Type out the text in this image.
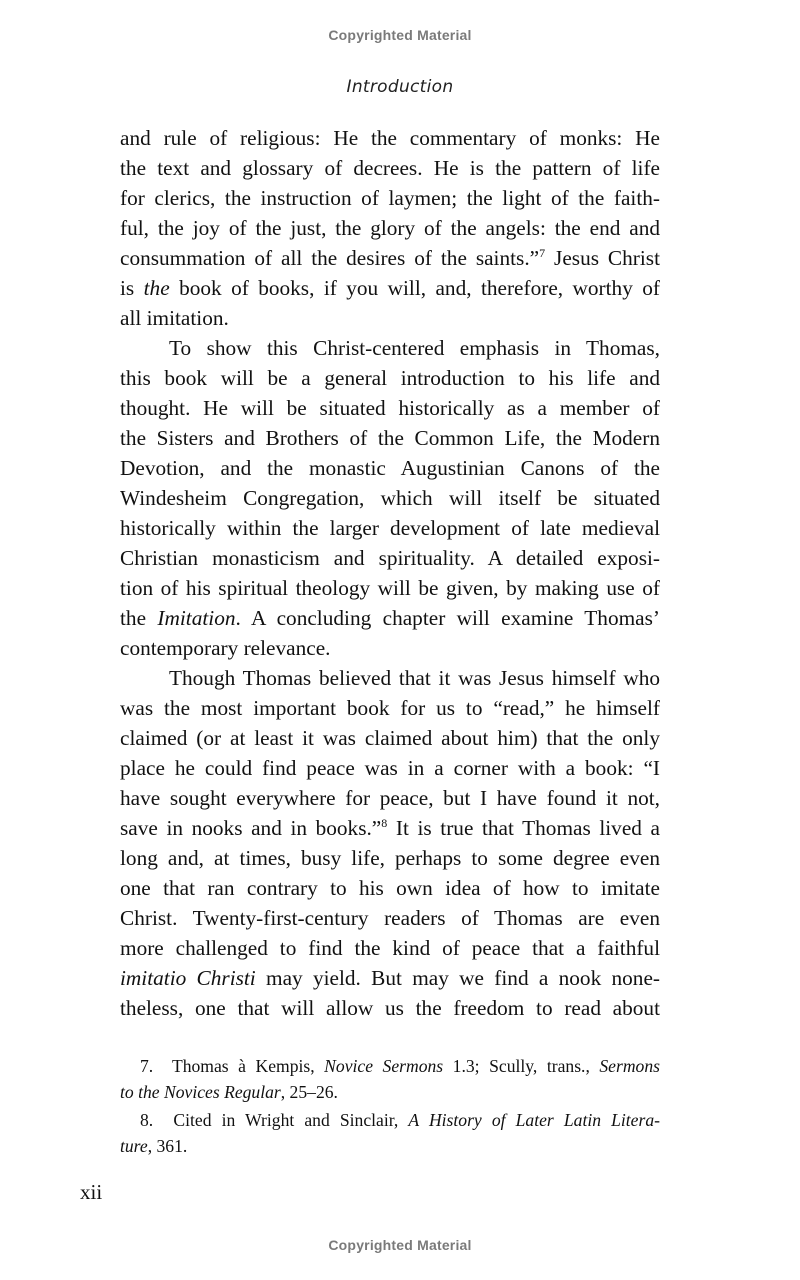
Copyrighted Material
Introduction
and rule of religious: He the commentary of monks: He
the text and glossary of decrees. He is the pattern of life
for clerics, the instruction of laymen; the light of the faith-
ful, the joy of the just, the glory of the angels: the end and
consummation of all the desires of the saints.”$^7$ Jesus Christ
is the book of books, if you will, and, therefore, worthy of
all imitation.
To show this Christ-centered emphasis in Thomas,
this book will be a general introduction to his life and
thought. He will be situated historically as a member of
the Sisters and Brothers of the Common Life, the Modern
Devotion, and the monastic Augustinian Canons of the
Windesheim Congregation, which will itself be situated
historically within the larger development of late medieval
Christian monasticism and spirituality. A detailed exposi-
tion of his spiritual theology will be given, by making use of
the Imitation. A concluding chapter will examine Thomas’
contemporary relevance.
Though Thomas believed that it was Jesus himself who
was the most important book for us to “read,” he himself
claimed (or at least it was claimed about him) that the only
place he could find peace was in a corner with a book: “I
have sought everywhere for peace, but I have found it not,
save in nooks and in books.”$^8$ It is true that Thomas lived a
long and, at times, busy life, perhaps to some degree even
one that ran contrary to his own idea of how to imitate
Christ. Twenty-first-century readers of Thomas are even
more challenged to find the kind of peace that a faithful
imitatio Christi may yield. But may we find a nook none-
theless, one that will allow us the freedom to read about
7. Thomas à Kempis, Novice Sermons 1.3; Scully, trans., Sermons
to the Novices Regular, 25–26.
8. Cited in Wright and Sinclair, A History of Later Latin Litera-
ture, 361.
xii
Copyrighted Material
